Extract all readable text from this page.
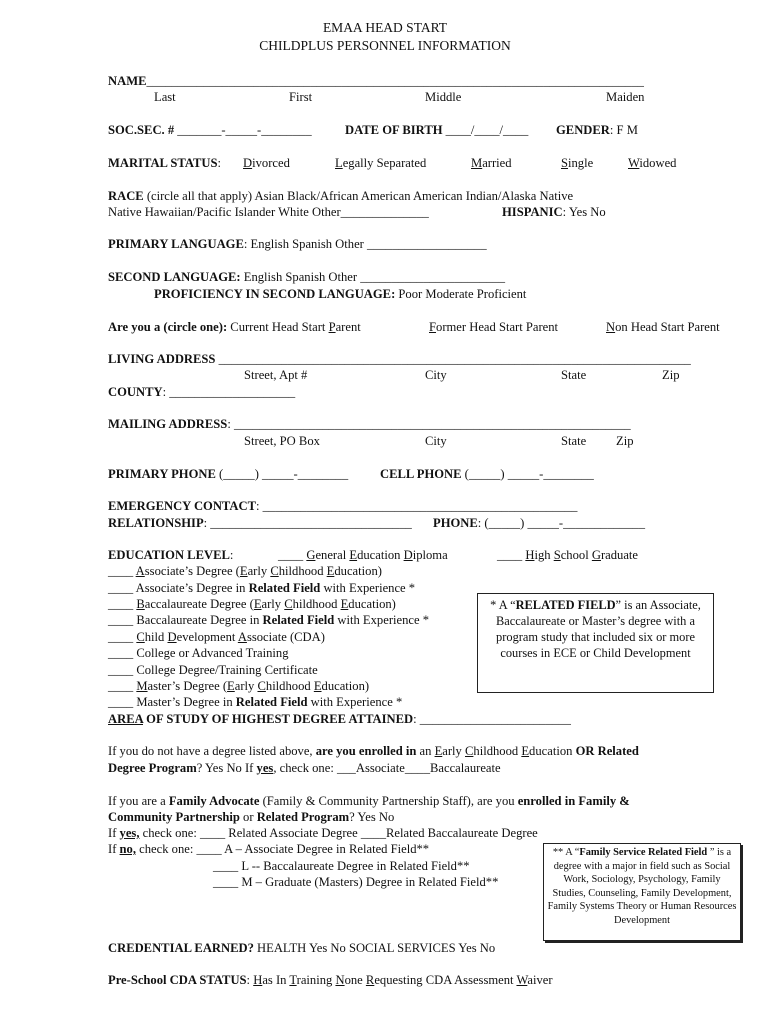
EMAA HEAD START
CHILDPLUS PERSONNEL INFORMATION
NAME_______________________________________________________________________________
Last	First	Middle	Maiden
SOC.SEC. # _______-_____-________	DATE OF BIRTH ____/____/____ GENDER: F M
MARITAL STATUS: Divorced	Legally Separated	Married	Single	Widowed
RACE (circle all that apply) Asian Black/African American American Indian/Alaska Native
Native Hawaiian/Pacific Islander White Other______________	HISPANIC: Yes No
PRIMARY LANGUAGE: English Spanish Other ___________________
SECOND LANGUAGE: English Spanish Other _______________________
PROFICIENCY IN SECOND LANGUAGE: Poor Moderate Proficient
Are you a (circle one): Current Head Start Parent	Former Head Start Parent	Non Head Start Parent
LIVING ADDRESS ___________________________________________________________________________
Street, Apt #	City	State	Zip
COUNTY: ____________________
MAILING ADDRESS: _______________________________________________________________
Street, PO Box	City	State Zip
PRIMARY PHONE (_____) _____-________	CELL PHONE (_____) _____-________
EMERGENCY CONTACT: __________________________________________________
RELATIONSHIP: ________________________________ PHONE: (_____) _____-_____________
EDUCATION LEVEL:	____ General Education Diploma	____ High School Graduate
____ Associate’s Degree (Early Childhood Education)
____ Associate’s Degree in Related Field with Experience *
____ Baccalaureate Degree (Early Childhood Education)
____ Baccalaureate Degree in Related Field with Experience *
____ Child Development Associate (CDA)
____ College or Advanced Training
____ College Degree/Training Certificate
____ Master’s Degree (Early Childhood Education)
____ Master’s Degree in Related Field with Experience *
AREA OF STUDY OF HIGHEST DEGREE ATTAINED: ________________________
* A “RELATED FIELD” is an Associate, Baccalaureate or Master’s degree with a program study that included six or more courses in ECE or Child Development
If you do not have a degree listed above, are you enrolled in an Early Childhood Education OR Related
Degree Program? Yes No If yes, check one: ___Associate____Baccalaureate
If you are a Family Advocate (Family & Community Partnership Staff), are you enrolled in Family &
Community Partnership or Related Program? Yes No
If yes, check one: ____ Related Associate Degree ____Related Baccalaureate Degree
If no, check one: ____ A – Associate Degree in Related Field**
____ L -- Baccalaureate Degree in Related Field**
____ M – Graduate (Masters) Degree in Related Field**
** A “Family Service Related Field ” is a degree with a major in field such as Social Work, Sociology, Psychology, Family Studies, Counseling, Family Development, Family Systems Theory or Human Resources Development
CREDENTIAL EARNED? HEALTH Yes No SOCIAL SERVICES Yes No
Pre-School CDA STATUS: Has In Training None Requesting CDA Assessment Waiver
